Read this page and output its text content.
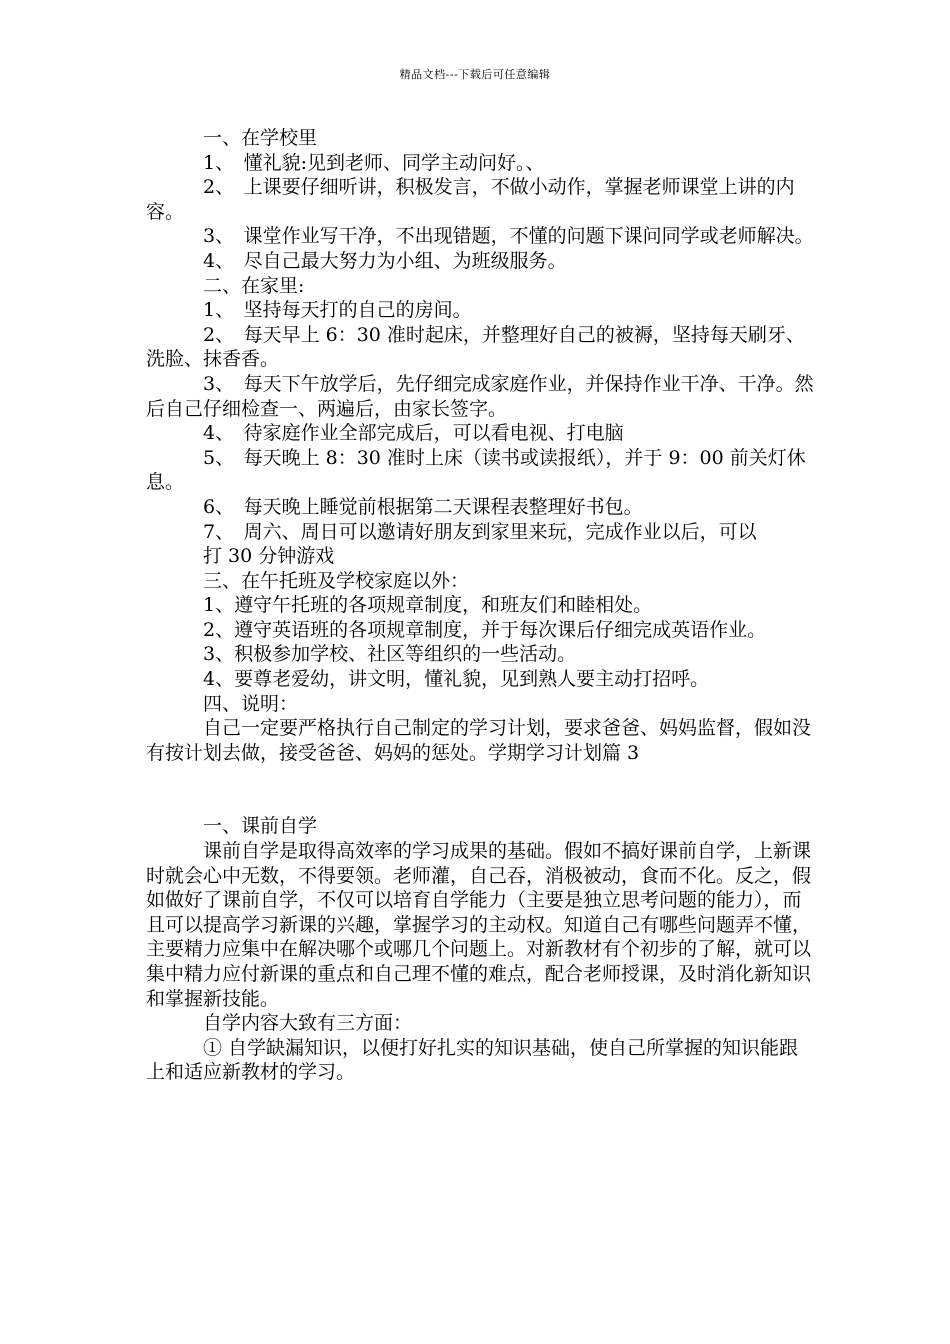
精品文档---下载后可任意编辑

一、在学校里

1、　懂礼貌:见到老师、同学主动问好。、

2、　上课要仔细听讲，积极发言，不做小动作，掌握老师课堂上讲的内容。

3、　课堂作业写干净，不出现错题，不懂的问题下课问同学或老师解决。

4、　尽自己最大努力为小组、为班级服务。

二、在家里:

1、　坚持每天打的自己的房间。

2、　每天早上 6：30 准时起床，并整理好自己的被褥，坚持每天刷牙、洗脸、抹香香。

3、　每天下午放学后，先仔细完成家庭作业，并保持作业干净、干净。然后自己仔细检查一、两遍后，由家长签字。

4、　待家庭作业全部完成后，可以看电视、打电脑

5、　每天晚上 8：30 准时上床（读书或读报纸），并于 9：00 前关灯休息。

6、　每天晚上睡觉前根据第二天课程表整理好书包。

7、　周六、周日可以邀请好朋友到家里来玩，完成作业以后，可以

打 30 分钟游戏

三、在午托班及学校家庭以外：

1、遵守午托班的各项规章制度，和班友们和睦相处。

2、遵守英语班的各项规章制度，并于每次课后仔细完成英语作业。

3、积极参加学校、社区等组织的一些活动。

4、要尊老爱幼，讲文明，懂礼貌，见到熟人要主动打招呼。

四、说明：

自己一定要严格执行自己制定的学习计划，要求爸爸、妈妈监督，假如没有按计划去做，接受爸爸、妈妈的惩处。学期学习计划篇 3

一、课前自学

课前自学是取得高效率的学习成果的基础。假如不搞好课前自学，上新课时就会心中无数，不得要领。老师灌，自己吞，消极被动，食而不化。反之，假如做好了课前自学，不仅可以培育自学能力（主要是独立思考问题的能力），而且可以提高学习新课的兴趣，掌握学习的主动权。知道自己有哪些问题弄不懂，主要精力应集中在解决哪个或哪几个问题上。对新教材有个初步的了解，就可以集中精力应付新课的重点和自己理不懂的难点，配合老师授课，及时消化新知识和掌握新技能。

自学内容大致有三方面：

① 自学缺漏知识，以便打好扎实的知识基础，使自己所掌握的知识能跟上和适应新教材的学习。
